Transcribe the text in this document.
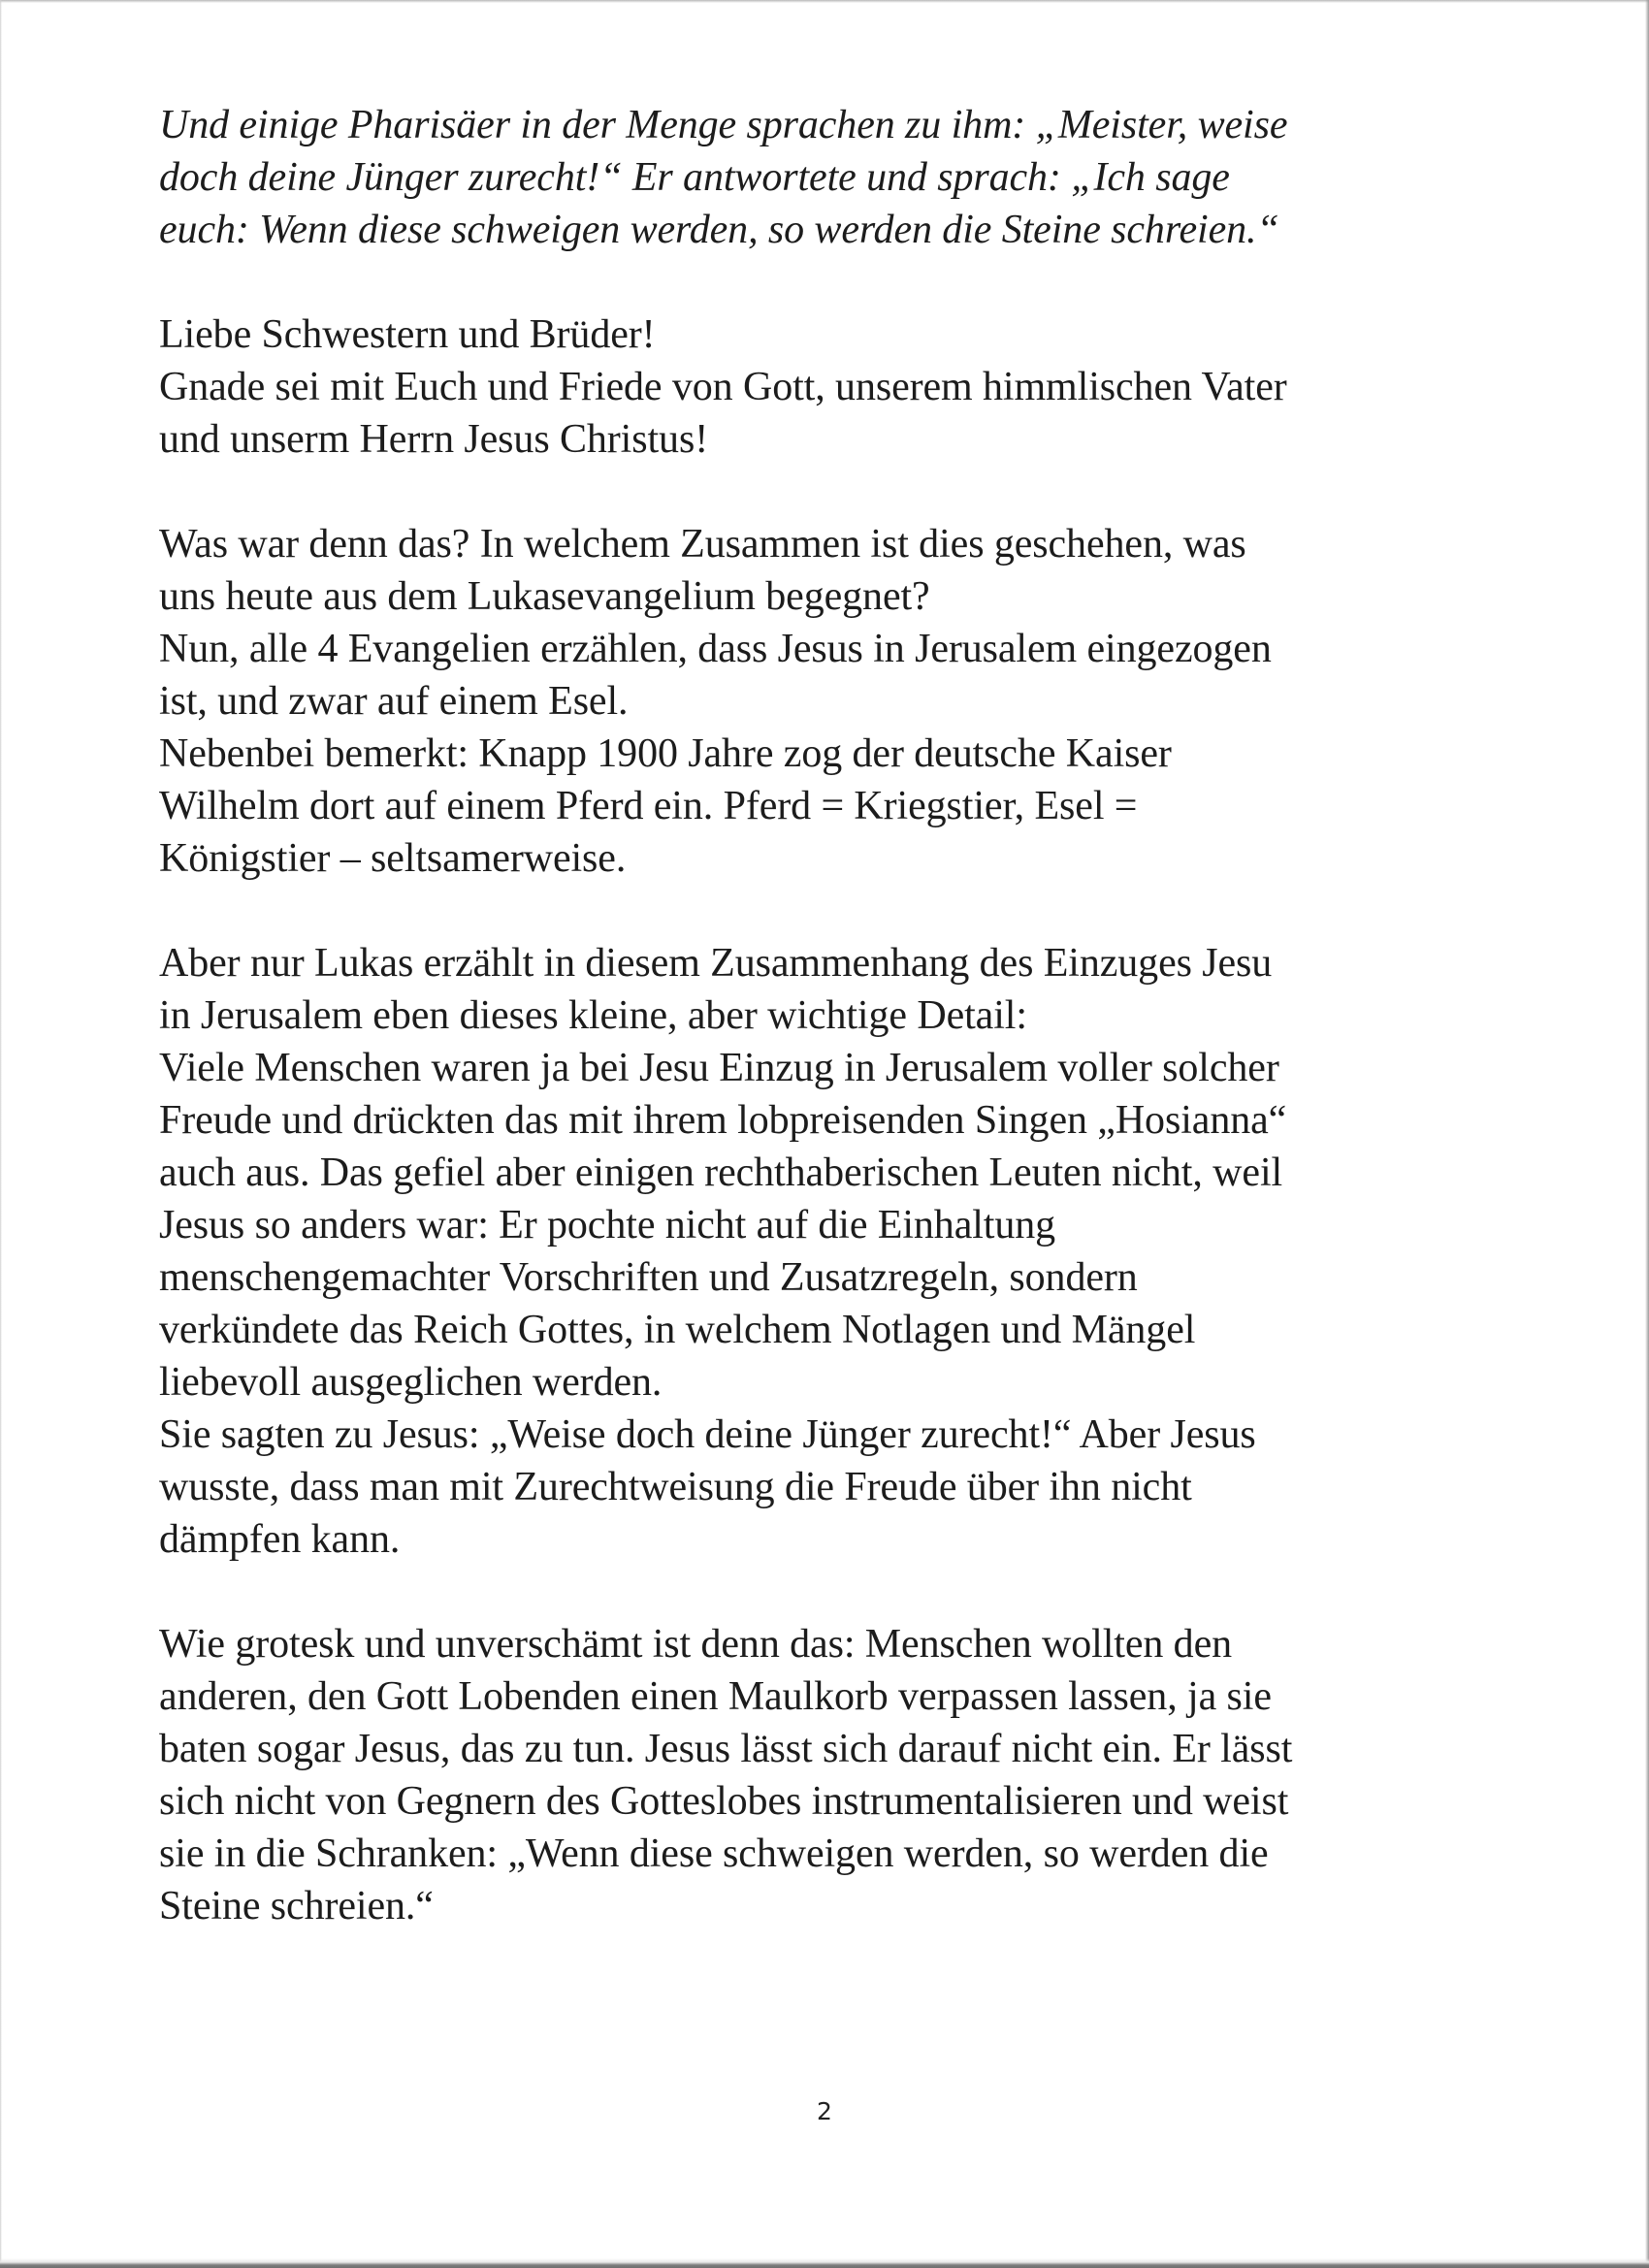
Und einige Pharisäer in der Menge sprachen zu ihm: „Meister, weise
doch deine Jünger zurecht!“ Er antwortete und sprach: „Ich sage
euch: Wenn diese schweigen werden, so werden die Steine schreien.“

Liebe Schwestern und Brüder!
Gnade sei mit Euch und Friede von Gott, unserem himmlischen Vater
und unserm Herrn Jesus Christus!

Was war denn das? In welchem Zusammen ist dies geschehen, was
uns heute aus dem Lukasevangelium begegnet?
Nun, alle 4 Evangelien erzählen, dass Jesus in Jerusalem eingezogen
ist, und zwar auf einem Esel.
Nebenbei bemerkt: Knapp 1900 Jahre zog der deutsche Kaiser
Wilhelm dort auf einem Pferd ein. Pferd = Kriegstier, Esel =
Königstier – seltsamerweise.

Aber nur Lukas erzählt in diesem Zusammenhang des Einzuges Jesu
in Jerusalem eben dieses kleine, aber wichtige Detail:
Viele Menschen waren ja bei Jesu Einzug in Jerusalem voller solcher
Freude und drückten das mit ihrem lobpreisenden Singen „Hosianna“
auch aus. Das gefiel aber einigen rechthaberischen Leuten nicht, weil
Jesus so anders war: Er pochte nicht auf die Einhaltung
menschengemachter Vorschriften und Zusatzregeln, sondern
verkündete das Reich Gottes, in welchem Notlagen und Mängel
liebevoll ausgeglichen werden.
Sie sagten zu Jesus: „Weise doch deine Jünger zurecht!“ Aber Jesus
wusste, dass man mit Zurechtweisung die Freude über ihn nicht
dämpfen kann.

Wie grotesk und unverschämt ist denn das: Menschen wollten den
anderen, den Gott Lobenden einen Maulkorb verpassen lassen, ja sie
baten sogar Jesus, das zu tun. Jesus lässt sich darauf nicht ein. Er lässt
sich nicht von Gegnern des Gotteslobes instrumentalisieren und weist
sie in die Schranken: „Wenn diese schweigen werden, so werden die
Steine schreien.“

2
